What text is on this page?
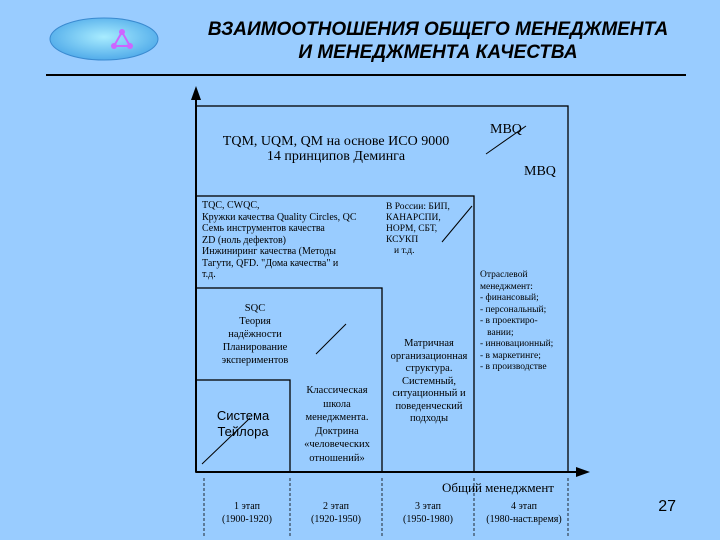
ВЗАИМООТНОШЕНИЯ ОБЩЕГО МЕНЕДЖМЕНТА
И МЕНЕДЖМЕНТА КАЧЕСТВА
TQM, UQM, QM на основе ИСО 9000
14 принципов Деминга
MBQ
MBQ
TQC, CWQC,
Кружки качества Quality Circles, QC
Семь инструментов качества
ZD (ноль дефектов)
Инжиниринг качества (Методы
Тагути, QFD. "Дома качества" и
т.д.
В России: БИП,
КАНАРСПИ,
НОРМ, СБТ,
КСУКП
и т.д.
Отраслевой
менеджмент:
- финансовый;
- персональный;
- в проектиро-
вании;
- инновационный;
- в маркетинге;
- в производстве
SQC
Теория
надёжности
Планирование
экспериментов
Матричная
организационная
структура.
Системный,
ситуационный и
поведенческий
подходы
Классическая
школа
менеджмента.
Доктрина
«человеческих
отношений»
Система
Тейлора
Общий менеджмент
1 этап
(1900-1920)
2 этап
(1920-1950)
3 этап
(1950-1980)
4 этап
(1980-наст.время)
27
